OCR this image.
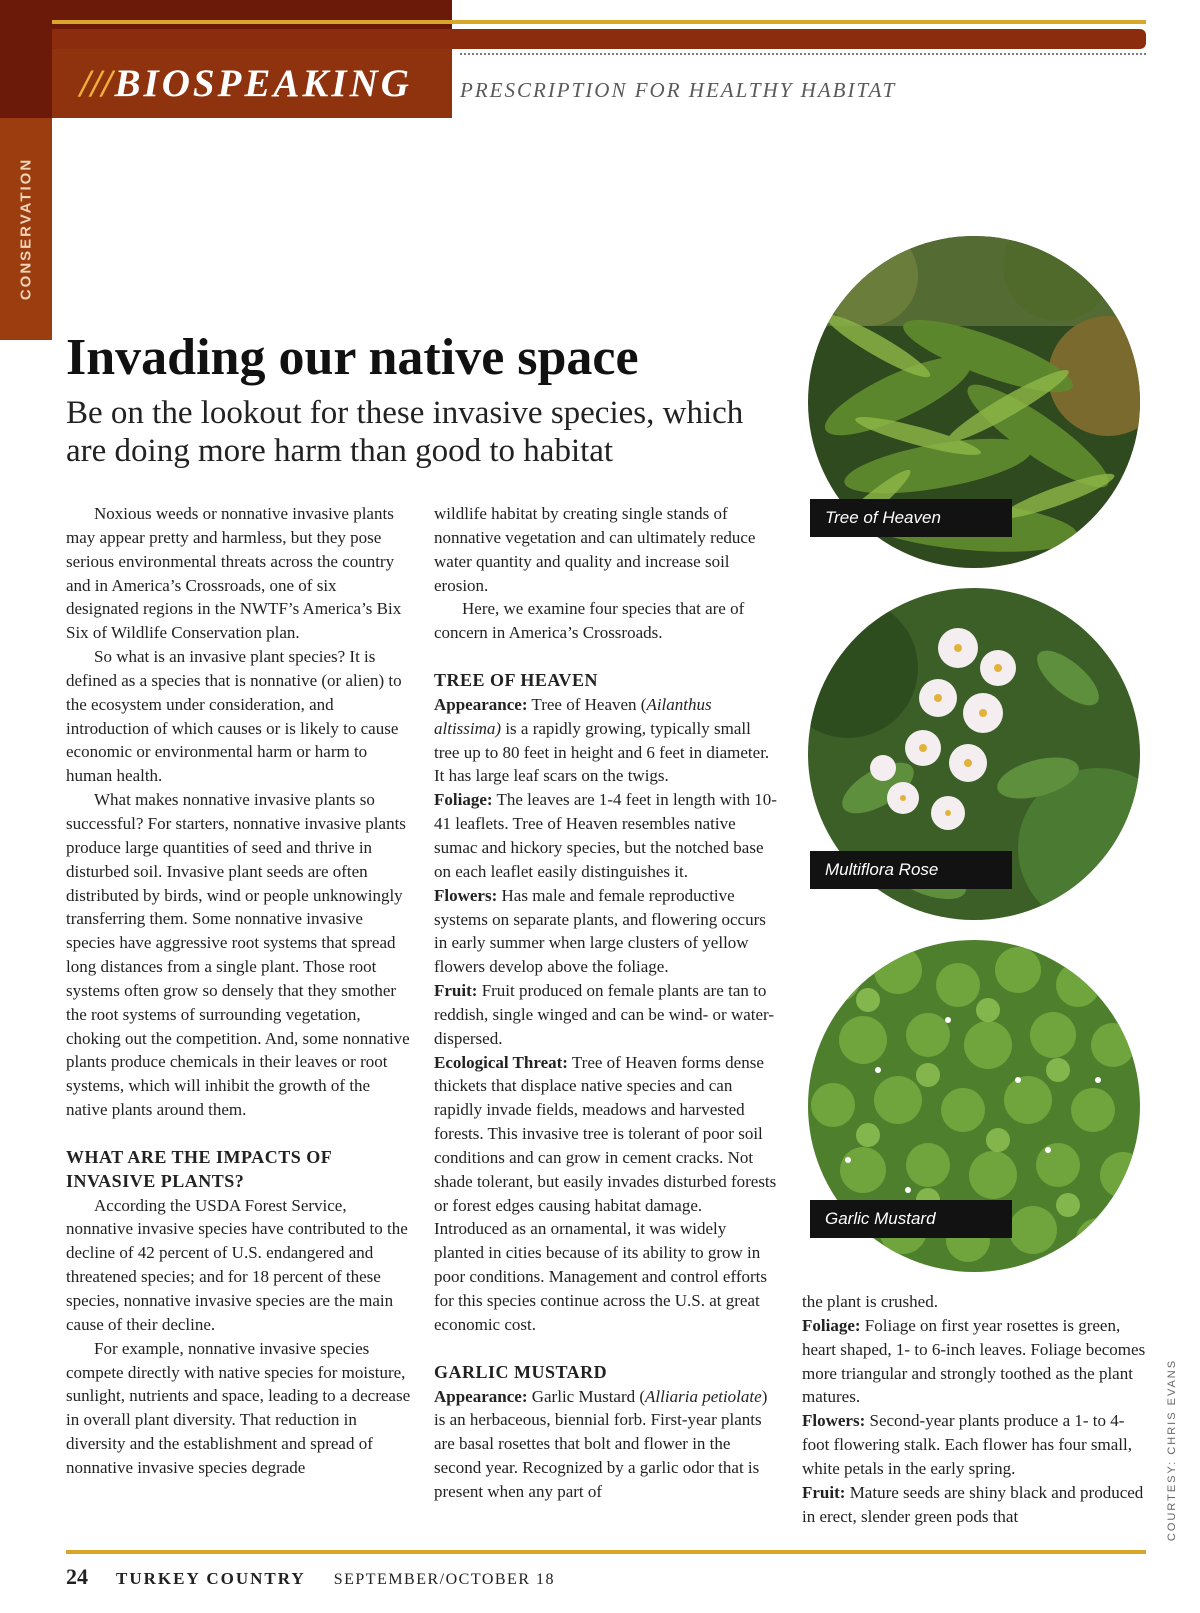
///BIOSPEAKING PRESCRIPTION FOR HEALTHY HABITAT
CONSERVATION
Invading our native space
Be on the lookout for these invasive species, which are doing more harm than good to habitat

Noxious weeds or nonnative invasive plants may appear pretty and harmless, but they pose serious environmental threats across the country and in America’s Crossroads, one of six designated regions in the NWTF’s America’s Bix Six of Wildlife Conservation plan.

So what is an invasive plant species? It is defined as a species that is nonnative (or alien) to the ecosystem under consideration, and introduction of which causes or is likely to cause economic or environmental harm or harm to human health.

What makes nonnative invasive plants so successful? For starters, nonnative invasive plants produce large quantities of seed and thrive in disturbed soil. Invasive plant seeds are often distributed by birds, wind or people unknowingly transferring them. Some nonnative invasive species have aggressive root systems that spread long distances from a single plant. Those root systems often grow so densely that they smother the root systems of surrounding vegetation, choking out the competition. And, some nonnative plants produce chemicals in their leaves or root systems, which will inhibit the growth of the native plants around them.

WHAT ARE THE IMPACTS OF INVASIVE PLANTS?

According the USDA Forest Service, nonnative invasive species have contributed to the decline of 42 percent of U.S. endangered and threatened species; and for 18 percent of these species, nonnative invasive species are the main cause of their decline.

For example, nonnative invasive species compete directly with native species for moisture, sunlight, nutrients and space, leading to a decrease in overall plant diversity. That reduction in diversity and the establishment and spread of nonnative invasive species degrade

wildlife habitat by creating single stands of nonnative vegetation and can ultimately reduce water quantity and quality and increase soil erosion.

Here, we examine four species that are of concern in America’s Crossroads.

TREE OF HEAVEN

Appearance: Tree of Heaven (Ailanthus altissima) is a rapidly growing, typically small tree up to 80 feet in height and 6 feet in diameter. It has large leaf scars on the twigs.

Foliage: The leaves are 1-4 feet in length with 10-41 leaflets. Tree of Heaven resembles native sumac and hickory species, but the notched base on each leaflet easily distinguishes it.

Flowers: Has male and female reproductive systems on separate plants, and flowering occurs in early summer when large clusters of yellow flowers develop above the foliage.

Fruit: Fruit produced on female plants are tan to reddish, single winged and can be wind- or water-dispersed.

Ecological Threat: Tree of Heaven forms dense thickets that displace native species and can rapidly invade fields, meadows and harvested forests. This invasive tree is tolerant of poor soil conditions and can grow in cement cracks. Not shade tolerant, but easily invades disturbed forests or forest edges causing habitat damage. Introduced as an ornamental, it was widely planted in cities because of its ability to grow in poor conditions. Management and control efforts for this species continue across the U.S. at great economic cost.

GARLIC MUSTARD

Appearance: Garlic Mustard (Alliaria petiolate) is an herbaceous, biennial forb. First-year plants are basal rosettes that bolt and flower in the second year. Recognized by a garlic odor that is present when any part of

the plant is crushed.

Foliage: Foliage on first year rosettes is green, heart shaped, 1- to 6-inch leaves. Foliage becomes more triangular and strongly toothed as the plant matures.

Flowers: Second-year plants produce a 1- to 4-foot flowering stalk. Each flower has four small, white petals in the early spring.

Fruit: Mature seeds are shiny black and produced in erect, slender green pods that

Tree of Heaven
Multiflora Rose
Garlic Mustard
COURTESY: CHRIS EVANS
24 TURKEY COUNTRY SEPTEMBER/OCTOBER 18
